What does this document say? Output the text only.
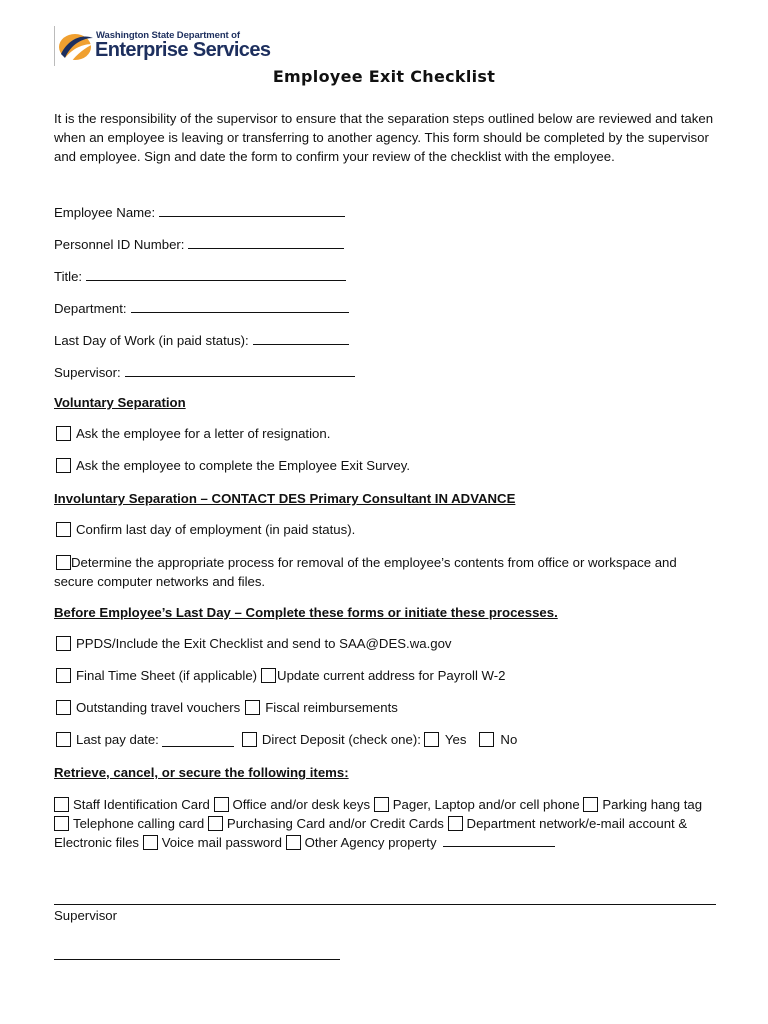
Washington State Department of
Enterprise Services
Employee Exit Checklist

It is the responsibility of the supervisor to ensure that the separation steps outlined below are reviewed and taken when an employee is leaving or transferring to another agency. This form should be completed by the supervisor and employee. Sign and date the form to confirm your review of the checklist with the employee.

Employee Name:
Personnel ID Number:
Title:
Department:
Last Day of Work (in paid status):
Supervisor:

Voluntary Separation

Ask the employee for a letter of resignation.
Ask the employee to complete the Employee Exit Survey.

Involuntary Separation – CONTACT DES Primary Consultant IN ADVANCE

Confirm last day of employment (in paid status).
Determine the appropriate process for removal of the employee’s contents from office or workspace and secure computer networks and files.

Before Employee’s Last Day – Complete these forms or initiate these processes.

PPDS/Include the Exit Checklist and send to SAA@DES.wa.gov
Final Time Sheet (if applicable) Update current address for Payroll W-2
Outstanding travel vouchers Fiscal reimbursements
Last pay date:	Direct Deposit (check one): Yes	No

Retrieve, cancel, or secure the following items:

Staff Identification Card Office and/or desk keys Pager, Laptop and/or cell phone Parking hang tag Telephone calling card Purchasing Card and/or Credit Cards Department network/e-mail account & Electronic files Voice mail password Other Agency property
Supervisor
